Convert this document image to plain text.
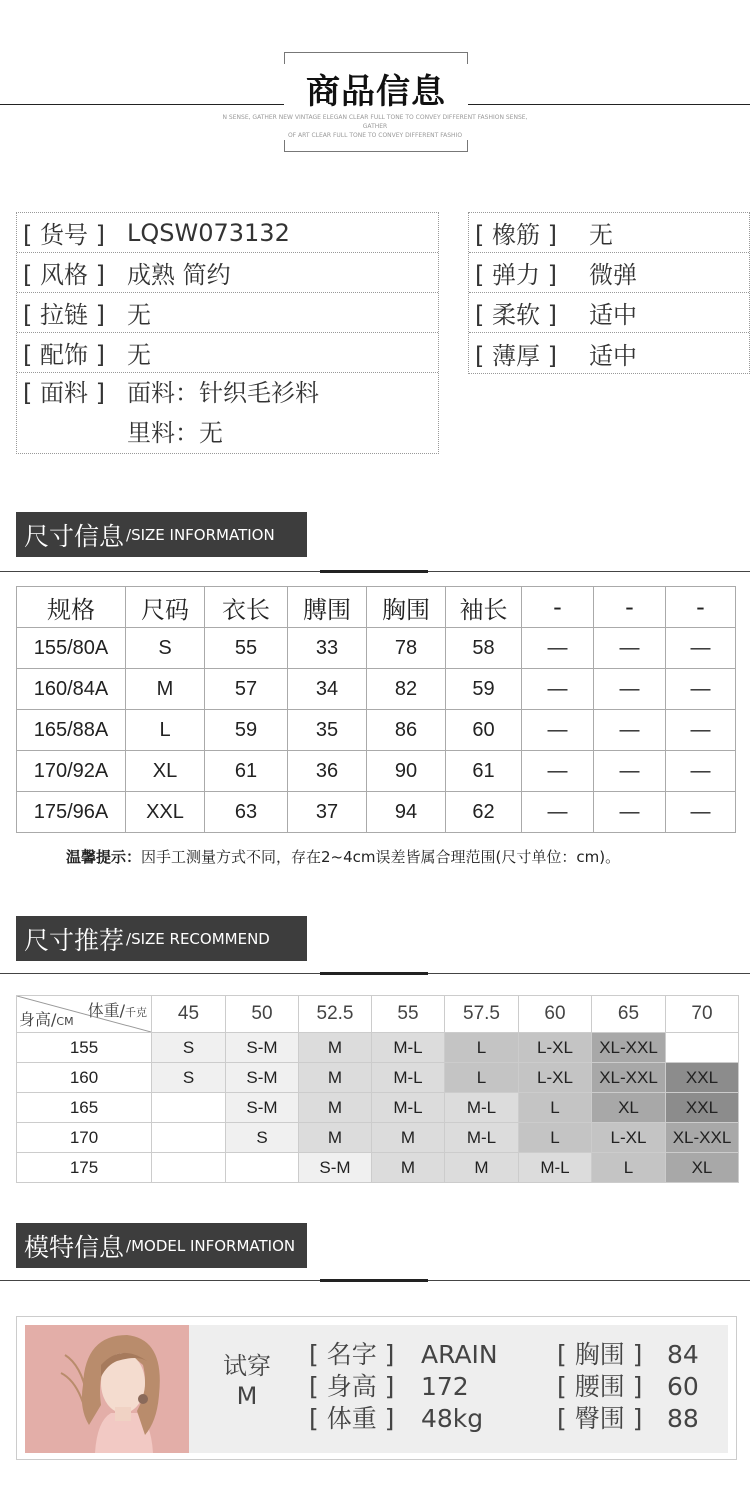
商品信息
N SENSE, GATHER NEW VINTAGE ELEGAN CLEAR FULL TONE TO CONVEY DIFFERENT FASHION SENSE, GATHER
OF ART CLEAR FULL TONE TO CONVEY DIFFERENT FASHIO
[ 货号 ] LQSW073132
[ 风格 ] 成熟 简约
[ 拉链 ] 无
[ 配饰 ] 无
[ 面料 ] 面料：针织毛衫料
里料：无
[ 橡筋 ]	无
[ 弹力 ]	微弹
[ 柔软 ]	适中
[ 薄厚 ]	适中
尺寸信息 /SIZE INFORMATION
规格	尺码	衣长	膊围	胸围	袖长	-	-	-
155/80A	S	55	33	78	58	—	—	—
160/84A	M	57	34	82	59	—	—	—
165/88A	L	59	35	86	60	—	—	—
170/92A	XL	61	36	90	61	—	—	—
175/96A	XXL	63	37	94	62	—	—	—
温馨提示：因手工测量方式不同，存在2~4cm误差皆属合理范围(尺寸单位：cm)。
尺寸推荐 /SIZE RECOMMEND
体重/千克
身高/CM	45	50	52.5	55	57.5	60	65	70
155	S	S-M	M	M-L	L	L-XL	XL-XXL	
160	S	S-M	M	M-L	L	L-XL	XL-XXL	XXL
165		S-M	M	M-L	M-L	L	XL	XXL
170		S	M	M	M-L	L	L-XL	XL-XXL
175			S-M	M	M	M-L	L	XL
模特信息 /MODEL INFORMATION
试穿
M
[ 名字 ]	ARAIN
[ 身高 ]	172
[ 体重 ]	48kg
[ 胸围 ] 84
[ 腰围 ] 60
[ 臀围 ] 88
